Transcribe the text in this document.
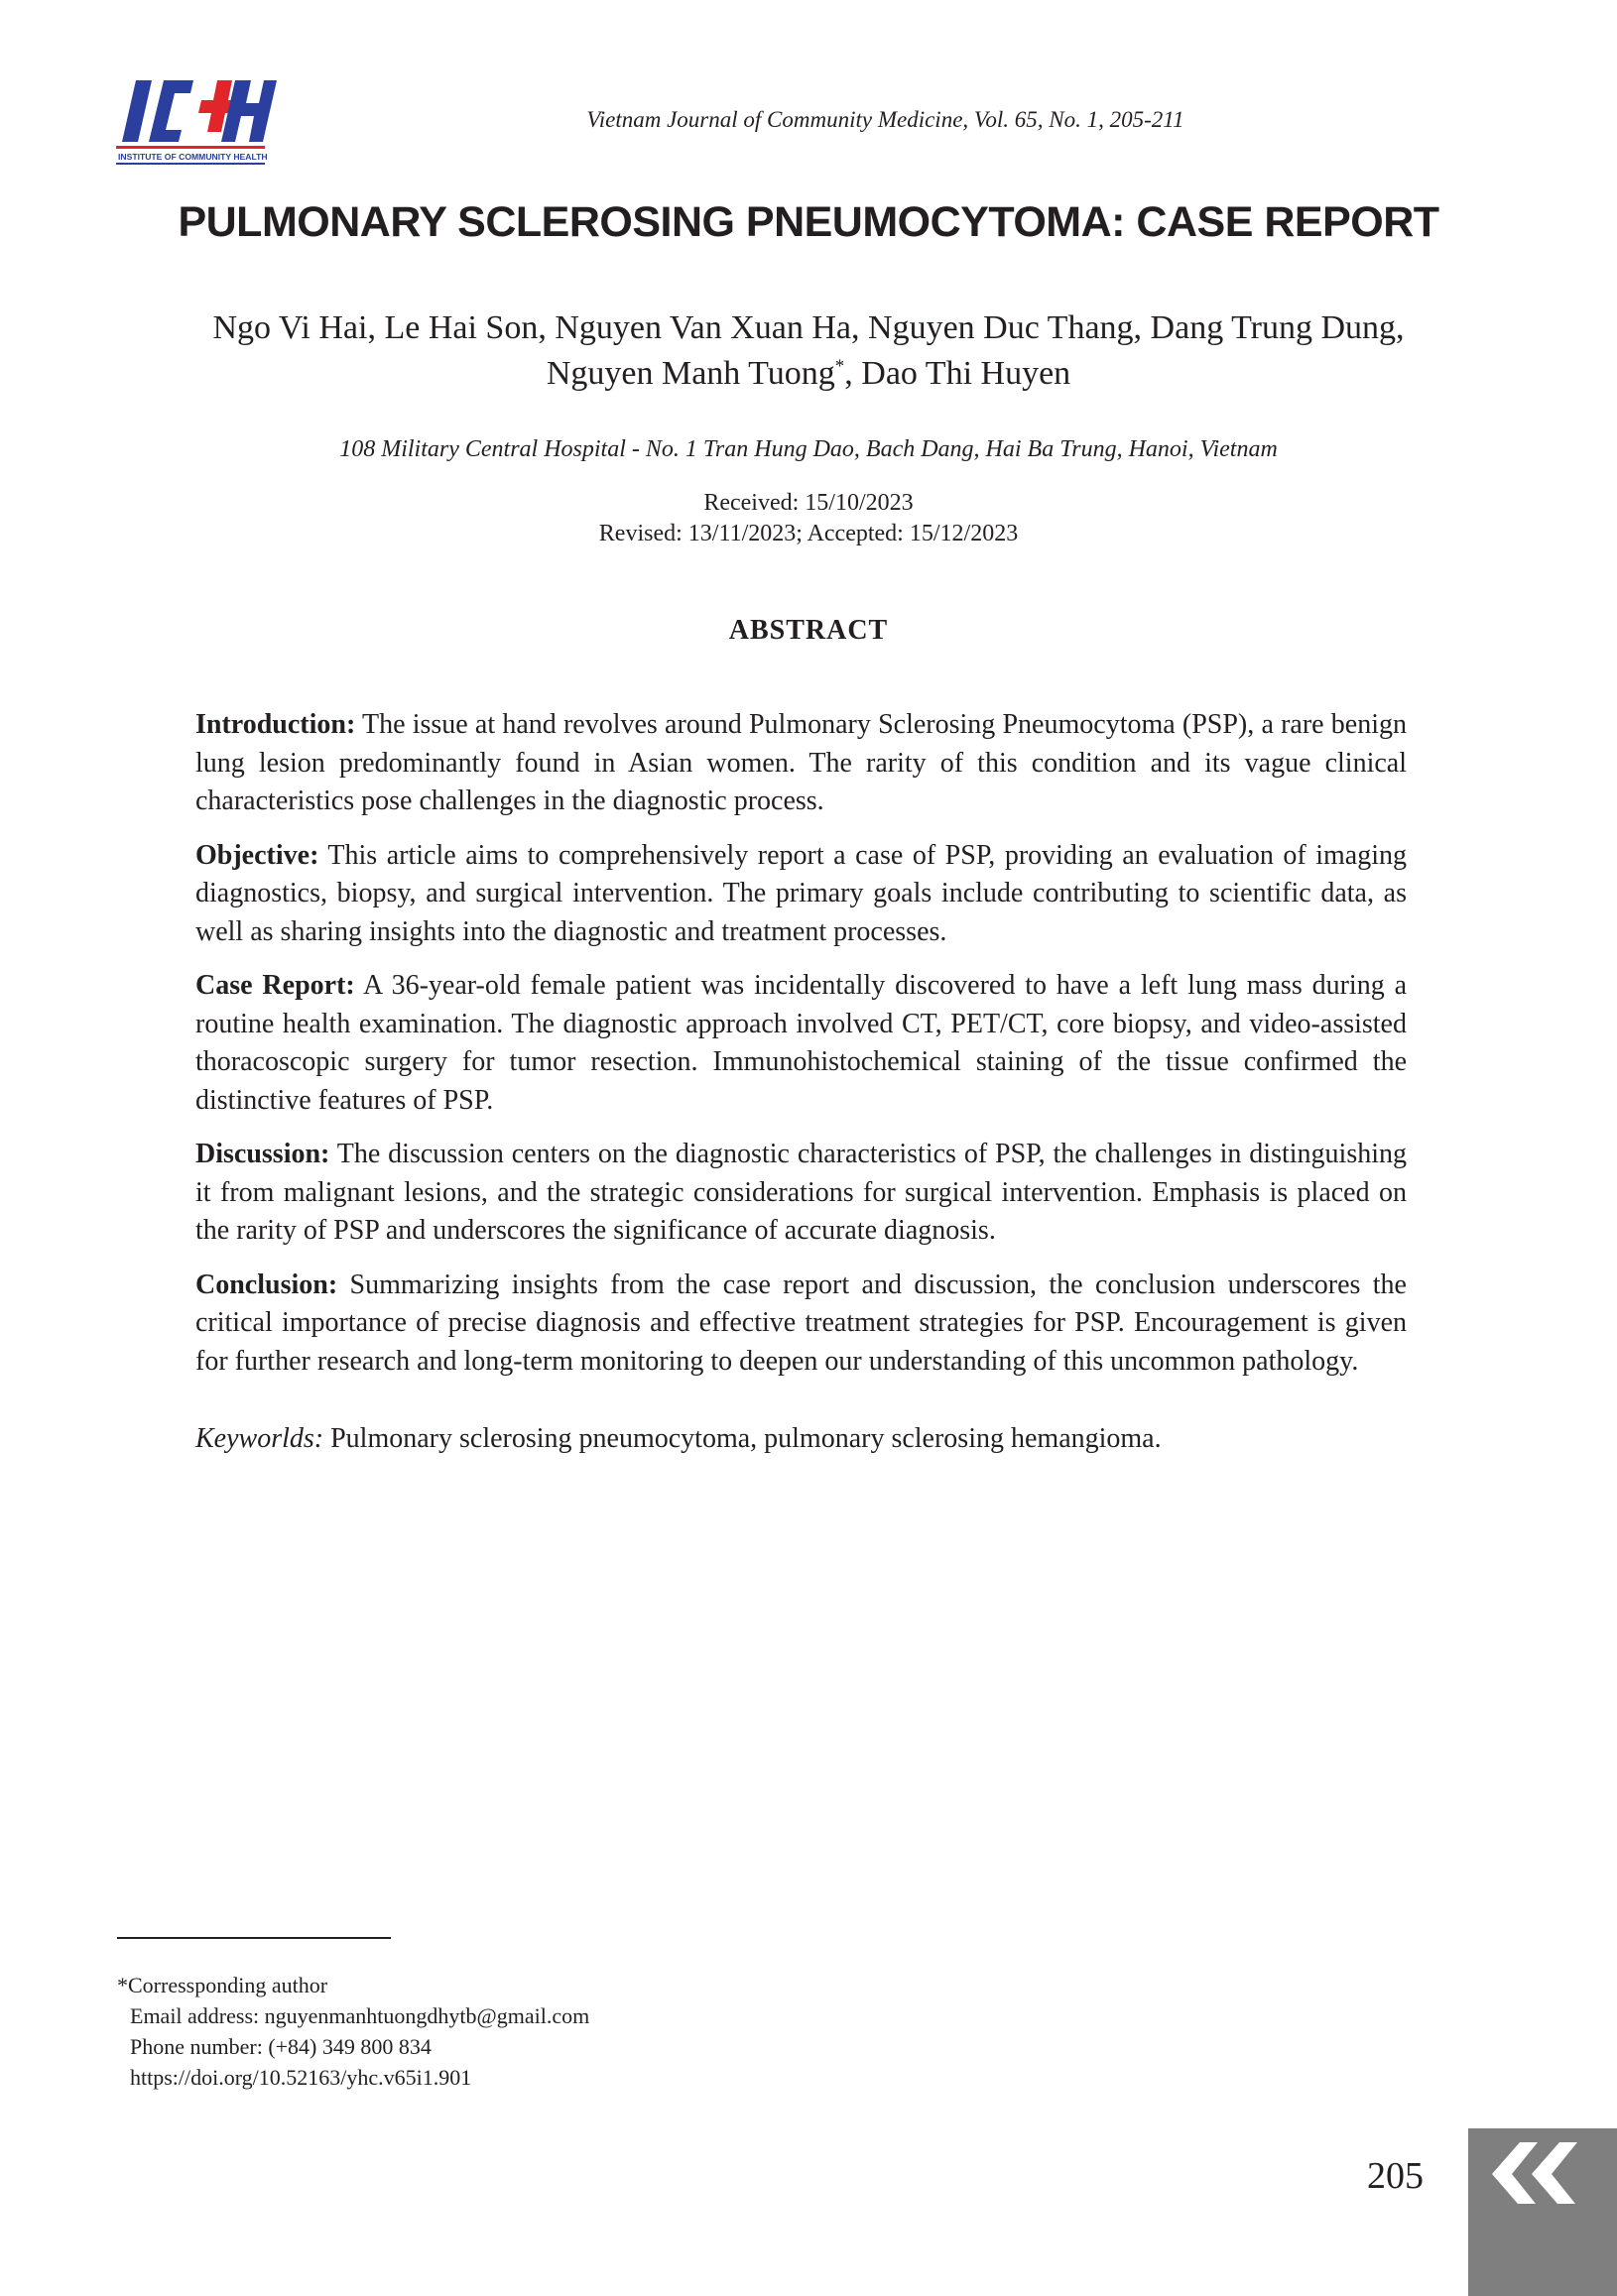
INSTITUTE OF COMMUNITY HEALTH
Vietnam Journal of Community Medicine, Vol. 65, No. 1, 205-211
PULMONARY SCLEROSING PNEUMOCYTOMA: CASE REPORT
Ngo Vi Hai, Le Hai Son, Nguyen Van Xuan Ha, Nguyen Duc Thang, Dang Trung Dung,
Nguyen Manh Tuong*, Dao Thi Huyen
108 Military Central Hospital - No. 1 Tran Hung Dao, Bach Dang, Hai Ba Trung, Hanoi, Vietnam
Received: 15/10/2023
Revised: 13/11/2023; Accepted: 15/12/2023
ABSTRACT

Introduction: The issue at hand revolves around Pulmonary Sclerosing Pneumocytoma (PSP), a rare benign lung lesion predominantly found in Asian women. The rarity of this condition and its vague clinical characteristics pose challenges in the diagnostic process.

Objective: This article aims to comprehensively report a case of PSP, providing an evaluation of imaging diagnostics, biopsy, and surgical intervention. The primary goals include contributing to scientific data, as well as sharing insights into the diagnostic and treatment processes.

Case Report: A 36-year-old female patient was incidentally discovered to have a left lung mass during a routine health examination. The diagnostic approach involved CT, PET/CT, core biopsy, and video-assisted thoracoscopic surgery for tumor resection. Immunohistochemical staining of the tissue confirmed the distinctive features of PSP.

Discussion: The discussion centers on the diagnostic characteristics of PSP, the challenges in distinguishing it from malignant lesions, and the strategic considerations for surgical intervention. Emphasis is placed on the rarity of PSP and underscores the significance of accurate diagnosis.

Conclusion: Summarizing insights from the case report and discussion, the conclusion underscores the critical importance of precise diagnosis and effective treatment strategies for PSP. Encouragement is given for further research and long-term monitoring to deepen our understanding of this uncommon pathology.

Keyworlds: Pulmonary sclerosing pneumocytoma, pulmonary sclerosing hemangioma.

*Corressponding author
Email address: nguyenmanhtuongdhytb@gmail.com
Phone number: (+84) 349 800 834
https://doi.org/10.52163/yhc.v65i1.901
205
